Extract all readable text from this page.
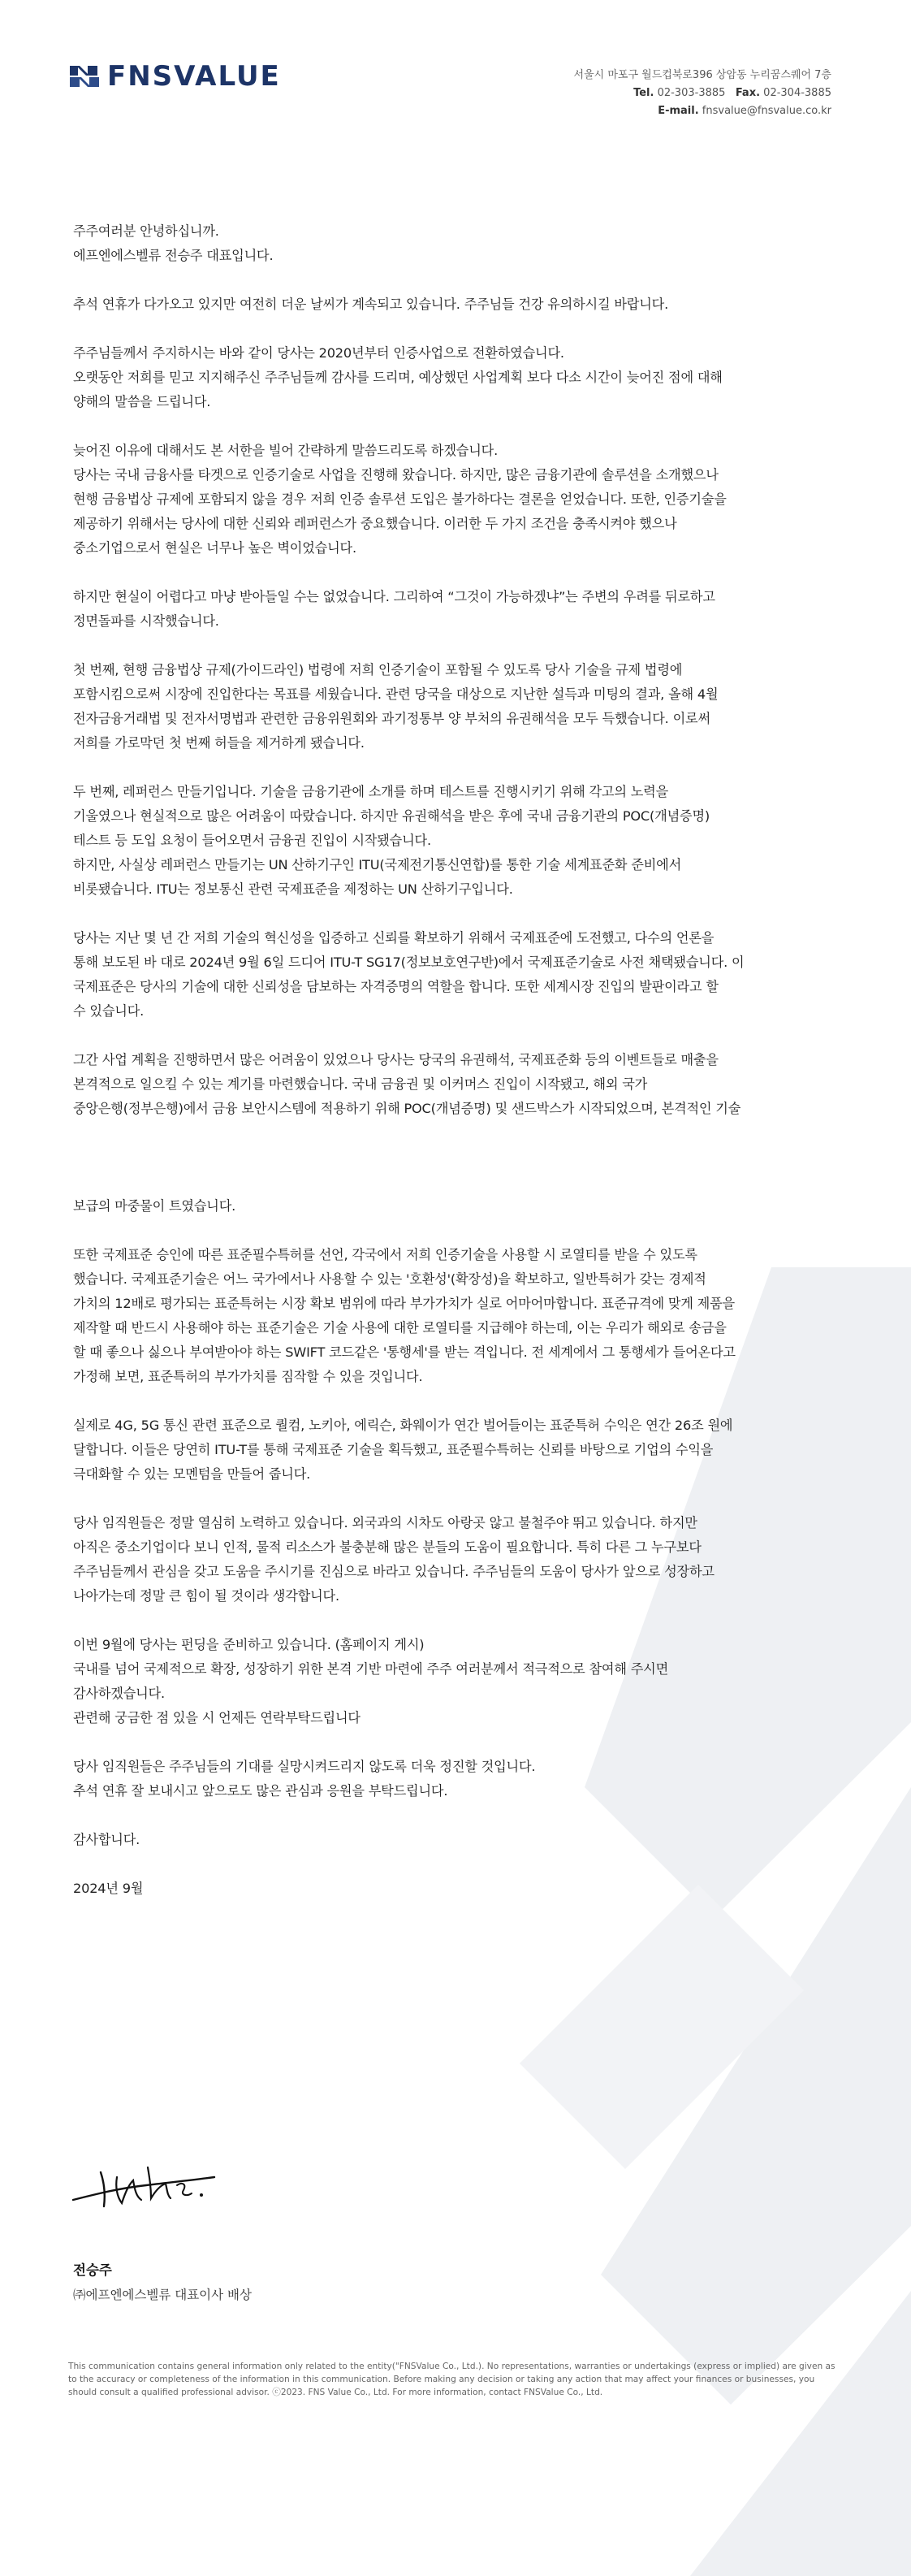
FNSVALUE	서울시 마포구 월드컵북로396 상암동 누리꿈스퀘어 7층
Tel. 02-303-3885 Fax. 02-304-3885
E-mail. fnsvalue@fnsvalue.co.kr
주주여러분 안녕하십니까.
에프엔에스벨류 전승주 대표입니다.
추석 연휴가 다가오고 있지만 여전히 더운 날씨가 계속되고 있습니다. 주주님들 건강 유의하시길 바랍니다.
주주님들께서 주지하시는 바와 같이 당사는 2020년부터 인증사업으로 전환하였습니다.
오랫동안 저희를 믿고 지지해주신 주주님들께 감사를 드리며, 예상했던 사업계획 보다 다소 시간이 늦어진 점에 대해
양해의 말씀을 드립니다.
늦어진 이유에 대해서도 본 서한을 빌어 간략하게 말씀드리도록 하겠습니다.
당사는 국내 금융사를 타겟으로 인증기술로 사업을 진행해 왔습니다. 하지만, 많은 금융기관에 솔루션을 소개했으나
현행 금융법상 규제에 포함되지 않을 경우 저희 인증 솔루션 도입은 불가하다는 결론을 얻었습니다. 또한, 인증기술을
제공하기 위해서는 당사에 대한 신뢰와 레퍼런스가 중요했습니다. 이러한 두 가지 조건을 충족시켜야 했으나
중소기업으로서 현실은 너무나 높은 벽이었습니다.
하지만 현실이 어렵다고 마냥 받아들일 수는 없었습니다. 그리하여 “그것이 가능하겠냐”는 주변의 우려를 뒤로하고
정면돌파를 시작했습니다.
첫 번째, 현행 금융법상 규제(가이드라인) 법령에 저희 인증기술이 포함될 수 있도록 당사 기술을 규제 법령에
포함시킴으로써 시장에 진입한다는 목표를 세웠습니다. 관련 당국을 대상으로 지난한 설득과 미팅의 결과, 올해 4월
전자금융거래법 및 전자서명법과 관련한 금융위원회와 과기정통부 양 부처의 유권해석을 모두 득했습니다. 이로써
저희를 가로막던 첫 번째 허들을 제거하게 됐습니다.
두 번째, 레퍼런스 만들기입니다. 기술을 금융기관에 소개를 하며 테스트를 진행시키기 위해 각고의 노력을
기울였으나 현실적으로 많은 어려움이 따랐습니다. 하지만 유권해석을 받은 후에 국내 금융기관의 POC(개념증명)
테스트 등 도입 요청이 들어오면서 금융권 진입이 시작됐습니다.
하지만, 사실상 레퍼런스 만들기는 UN 산하기구인 ITU(국제전기통신연합)를 통한 기술 세계표준화 준비에서
비롯됐습니다. ITU는 정보통신 관련 국제표준을 제정하는 UN 산하기구입니다.
당사는 지난 몇 년 간 저희 기술의 혁신성을 입증하고 신뢰를 확보하기 위해서 국제표준에 도전했고, 다수의 언론을
통해 보도된 바 대로 2024년 9월 6일 드디어 ITU-T SG17(정보보호연구반)에서 국제표준기술로 사전 채택됐습니다. 이
국제표준은 당사의 기술에 대한 신뢰성을 담보하는 자격증명의 역할을 합니다. 또한 세계시장 진입의 발판이라고 할
수 있습니다.
그간 사업 계획을 진행하면서 많은 어려움이 있었으나 당사는 당국의 유권해석, 국제표준화 등의 이벤트들로 매출을
본격적으로 일으킬 수 있는 계기를 마련했습니다. 국내 금융권 및 이커머스 진입이 시작됐고, 해외 국가
중앙은행(정부은행)에서 금융 보안시스템에 적용하기 위해 POC(개념증명) 및 샌드박스가 시작되었으며, 본격적인 기술
보급의 마중물이 트였습니다.
또한 국제표준 승인에 따른 표준필수특허를 선언, 각국에서 저희 인증기술을 사용할 시 로열티를 받을 수 있도록
했습니다. 국제표준기술은 어느 국가에서나 사용할 수 있는 '호환성'(확장성)을 확보하고, 일반특허가 갖는 경제적
가치의 12배로 평가되는 표준특허는 시장 확보 범위에 따라 부가가치가 실로 어마어마합니다. 표준규격에 맞게 제품을
제작할 때 반드시 사용해야 하는 표준기술은 기술 사용에 대한 로열티를 지급해야 하는데, 이는 우리가 해외로 송금을
할 때 좋으나 싫으나 부여받아야 하는 SWIFT 코드같은 '통행세'를 받는 격입니다. 전 세계에서 그 통행세가 들어온다고
가정해 보면, 표준특허의 부가가치를 짐작할 수 있을 것입니다.
실제로 4G, 5G 통신 관련 표준으로 퀄컴, 노키아, 에릭슨, 화웨이가 연간 벌어들이는 표준특허 수익은 연간 26조 원에
달합니다. 이들은 당연히 ITU-T를 통해 국제표준 기술을 획득했고, 표준필수특허는 신뢰를 바탕으로 기업의 수익을
극대화할 수 있는 모멘텀을 만들어 줍니다.
당사 임직원들은 정말 열심히 노력하고 있습니다. 외국과의 시차도 아랑곳 않고 불철주야 뛰고 있습니다. 하지만
아직은 중소기업이다 보니 인적, 물적 리소스가 불충분해 많은 분들의 도움이 필요합니다. 특히 다른 그 누구보다
주주님들께서 관심을 갖고 도움을 주시기를 진심으로 바라고 있습니다. 주주님들의 도움이 당사가 앞으로 성장하고
나아가는데 정말 큰 힘이 될 것이라 생각합니다.
이번 9월에 당사는 펀딩을 준비하고 있습니다. (홈페이지 게시)
국내를 넘어 국제적으로 확장, 성장하기 위한 본격 기반 마련에 주주 여러분께서 적극적으로 참여해 주시면
감사하겠습니다.
관련해 궁금한 점 있을 시 언제든 연락부탁드립니다
당사 임직원들은 주주님들의 기대를 실망시켜드리지 않도록 더욱 정진할 것입니다.
추석 연휴 잘 보내시고 앞으로도 많은 관심과 응원을 부탁드립니다.
감사합니다.
2024년 9월
전승주
㈜에프엔에스벨류 대표이사 배상
This communication contains general information only related to the entity("FNSValue Co., Ltd.). No representations, warranties or undertakings (express or implied) are given as to the accuracy or completeness of the information in this communication. Before making any decision or taking any action that may affect your finances or businesses, you should consult a qualified professional advisor. ⓒ2023. FNS Value Co., Ltd. For more information, contact FNSValue Co., Ltd.
